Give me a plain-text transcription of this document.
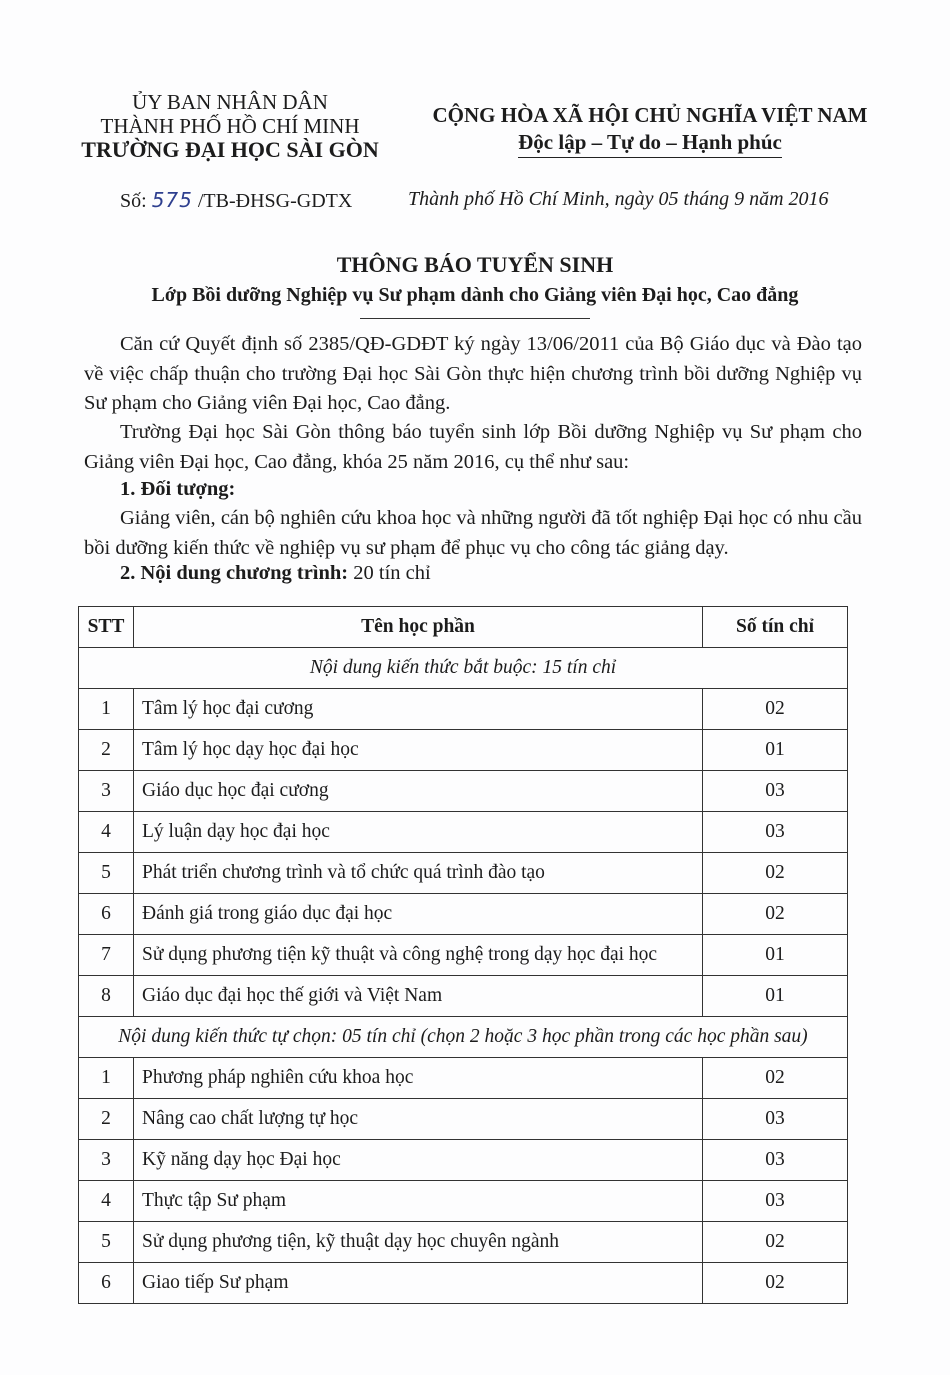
ỦY BAN NHÂN DÂN
THÀNH PHỐ HỒ CHÍ MINH
TRƯỜNG ĐẠI HỌC SÀI GÒN
CỘNG HÒA XÃ HỘI CHỦ NGHĨA VIỆT NAM
Độc lập – Tự do – Hạnh phúc
Số: 575 /TB-ĐHSG-GDTX	Thành phố Hồ Chí Minh, ngày 05 tháng 9 năm 2016
THÔNG BÁO TUYỂN SINH
Lớp Bồi dưỡng Nghiệp vụ Sư phạm dành cho Giảng viên Đại học, Cao đẳng
Căn cứ Quyết định số 2385/QĐ-GDĐT ký ngày 13/06/2011 của Bộ Giáo dục và Đào tạo về việc chấp thuận cho trường Đại học Sài Gòn thực hiện chương trình bồi dưỡng Nghiệp vụ Sư phạm cho Giảng viên Đại học, Cao đẳng.
Trường Đại học Sài Gòn thông báo tuyển sinh lớp Bồi dưỡng Nghiệp vụ Sư phạm cho Giảng viên Đại học, Cao đẳng, khóa 25 năm 2016, cụ thể như sau:
1. Đối tượng:
Giảng viên, cán bộ nghiên cứu khoa học và những người đã tốt nghiệp Đại học có nhu cầu bồi dưỡng kiến thức về nghiệp vụ sư phạm để phục vụ cho công tác giảng dạy.
2. Nội dung chương trình: 20 tín chỉ
STT	Tên học phần	Số tín chỉ
Nội dung kiến thức bắt buộc: 15 tín chỉ		
1	Tâm lý học đại cương	02
2	Tâm lý học dạy học đại học	01
3	Giáo dục học đại cương	03
4	Lý luận dạy học đại học	03
5	Phát triển chương trình và tổ chức quá trình đào tạo	02
6	Đánh giá trong giáo dục đại học	02
7	Sử dụng phương tiện kỹ thuật và công nghệ trong dạy học đại học	01
8	Giáo dục đại học thế giới và Việt Nam	01
Nội dung kiến thức tự chọn: 05 tín chỉ (chọn 2 hoặc 3 học phần trong các học phần sau)		
1	Phương pháp nghiên cứu khoa học	02
2	Nâng cao chất lượng tự học	03
3	Kỹ năng dạy học Đại học	03
4	Thực tập Sư phạm	03
5	Sử dụng phương tiện, kỹ thuật dạy học chuyên ngành	02
6	Giao tiếp Sư phạm	02
